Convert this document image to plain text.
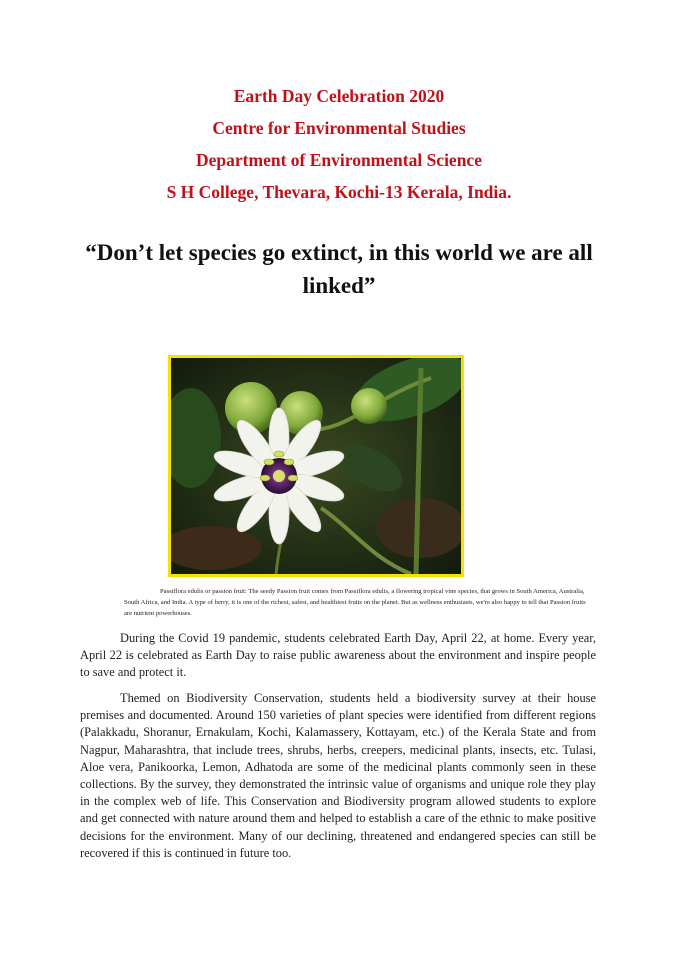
Earth Day Celebration 2020
Centre for Environmental Studies
Department of Environmental Science
S H College, Thevara, Kochi-13 Kerala, India.
“Don’t let species go extinct, in this world we are all linked”
Passiflora edulis or passion fruit: The seedy Passion fruit comes from Passiflora edulis, a flowering tropical vine species, that grows in South America, Australia, South Africa, and India. A type of berry, it is one of the richest, safest, and healthiest fruits on the planet. But as wellness enthusiasts, we're also happy to tell that Passion fruits are nutrient powerhouses.

During the Covid 19 pandemic, students celebrated Earth Day, April 22, at home. Every year, April 22 is celebrated as Earth Day to raise public awareness about the environment and inspire people to save and protect it.

Themed on Biodiversity Conservation, students held a biodiversity survey at their house premises and documented. Around 150 varieties of plant species were identified from different regions (Palakkadu, Shoranur, Ernakulam, Kochi, Kalamassery, Kottayam, etc.) of the Kerala State and from Nagpur, Maharashtra, that include trees, shrubs, herbs, creepers, medicinal plants, insects, etc. Tulasi, Aloe vera, Panikoorka, Lemon, Adhatoda are some of the medicinal plants commonly seen in these collections. By the survey, they demonstrated the intrinsic value of organisms and unique role they play in the complex web of life. This Conservation and Biodiversity program allowed students to explore and get connected with nature around them and helped to establish a care of the ethnic to make positive decisions for the environment. Many of our declining, threatened and endangered species can still be recovered if this is continued in future too.
